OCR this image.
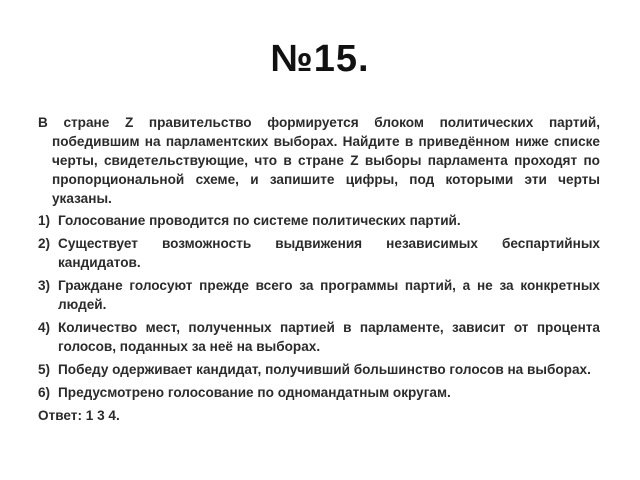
№15.

В стране Z правительство формируется блоком политических партий, победившим на парламентских выборах. Найдите в приведённом ниже списке черты, свидетельствующие, что в стране Z выборы парламента проходят по пропорциональной схеме, и запишите цифры, под которыми эти черты указаны.

1) Голосование проводится по системе политических партий.
2) Существует возможность выдвижения независимых беспартийных кандидатов.
3) Граждане голосуют прежде всего за программы партий, а не за конкретных людей.
4) Количество мест, полученных партией в парламенте, зависит от процента голосов, поданных за неё на выборах.
5) Победу одерживает кандидат, получивший большинство голосов на выборах.
6) Предусмотрено голосование по одномандатным округам.
Ответ: 1 3 4.
